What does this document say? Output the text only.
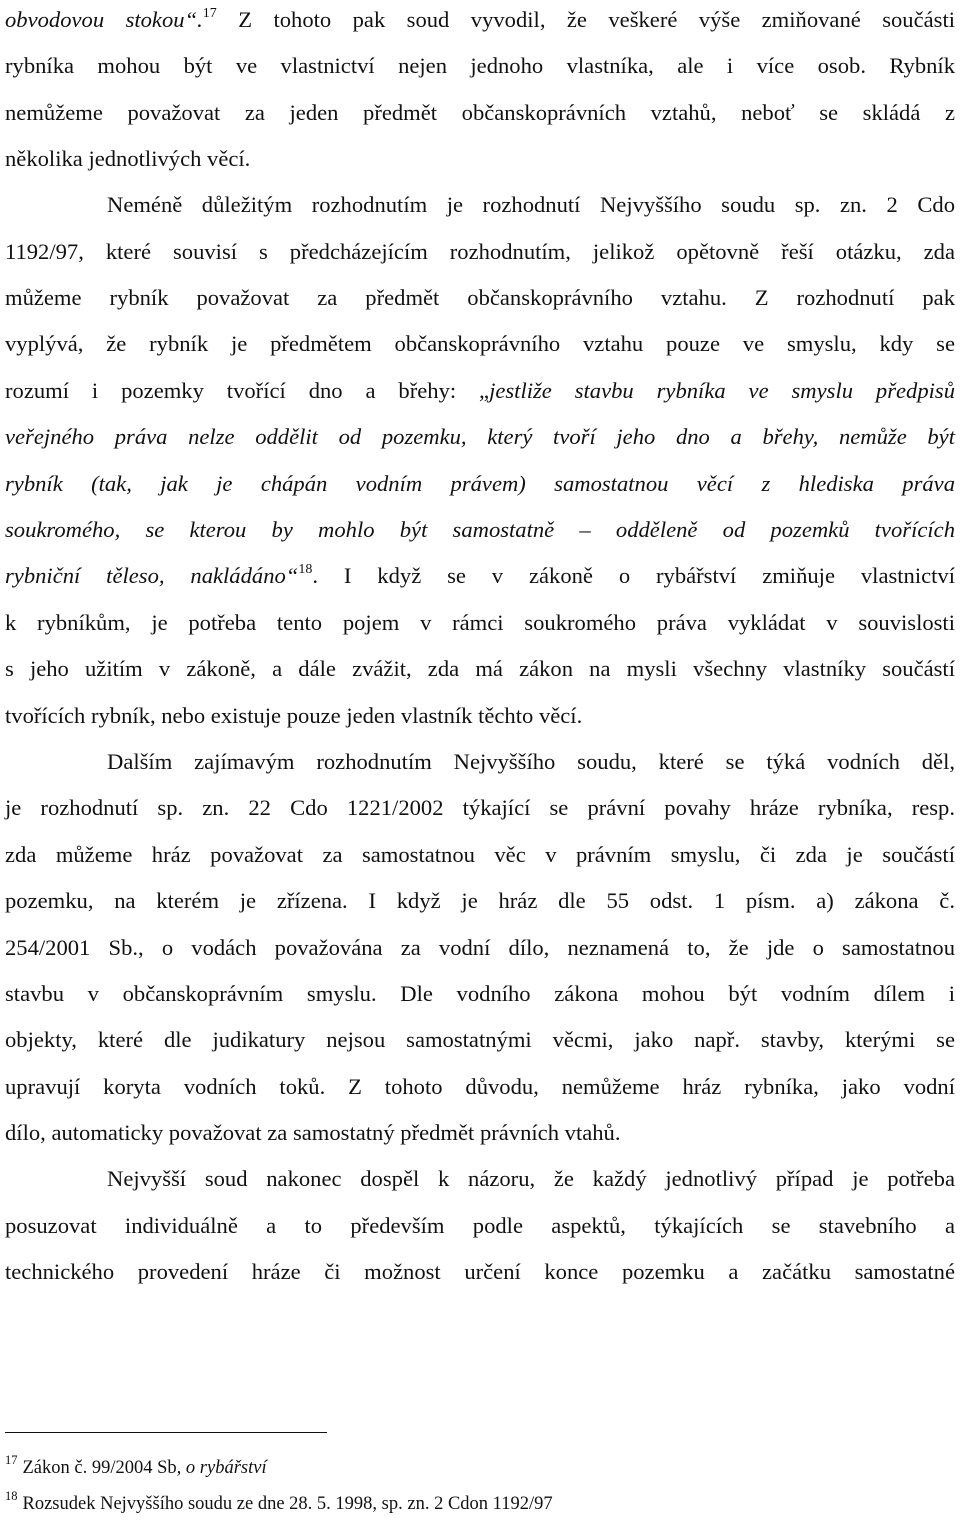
obvodovou stokou“.$^{17}$ Z tohoto pak soud vyvodil, že veškeré výše zmiňované součásti
rybníka mohou být ve vlastnictví nejen jednoho vlastníka, ale i více osob. Rybník
nemůžeme považovat za jeden předmět občanskoprávních vztahů, neboť se skládá z
několika jednotlivých věcí.
Neméně důležitým rozhodnutím je rozhodnutí Nejvyššího soudu sp. zn. 2 Cdo
1192/97, které souvisí s předcházejícím rozhodnutím, jelikož opětovně řeší otázku, zda
můžeme rybník považovat za předmět občanskoprávního vztahu. Z rozhodnutí pak
vyplývá, že rybník je předmětem občanskoprávního vztahu pouze ve smyslu, kdy se
rozumí i pozemky tvořící dno a břehy: „jestliže stavbu rybníka ve smyslu předpisů
veřejného práva nelze oddělit od pozemku, který tvoří jeho dno a břehy, nemůže být
rybník (tak, jak je chápán vodním právem) samostatnou věcí z hlediska práva
soukromého, se kterou by mohlo být samostatně – odděleně od pozemků tvořících
rybniční těleso, nakládáno“$^{18}$. I když se v zákoně o rybářství zmiňuje vlastnictví
k rybníkům, je potřeba tento pojem v rámci soukromého práva vykládat v souvislosti
s jeho užitím v zákoně, a dále zvážit, zda má zákon na mysli všechny vlastníky součástí
tvořících rybník, nebo existuje pouze jeden vlastník těchto věcí.
Dalším zajímavým rozhodnutím Nejvyššího soudu, které se týká vodních děl,
je rozhodnutí sp. zn. 22 Cdo 1221/2002 týkající se právní povahy hráze rybníka, resp.
zda můžeme hráz považovat za samostatnou věc v právním smyslu, či zda je součástí
pozemku, na kterém je zřízena. I když je hráz dle 55 odst. 1 písm. a) zákona č.
254/2001 Sb., o vodách považována za vodní dílo, neznamená to, že jde o samostatnou
stavbu v občanskoprávním smyslu. Dle vodního zákona mohou být vodním dílem i
objekty, které dle judikatury nejsou samostatnými věcmi, jako např. stavby, kterými se
upravují koryta vodních toků. Z tohoto důvodu, nemůžeme hráz rybníka, jako vodní
dílo, automaticky považovat za samostatný předmět právních vtahů.
Nejvyšší soud nakonec dospěl k názoru, že každý jednotlivý případ je potřeba
posuzovat individuálně a to především podle aspektů, týkajících se stavebního a
technického provedení hráze či možnost určení konce pozemku a začátku samostatné
$^{17}$ Zákon č. 99/2004 Sb, o rybářství
$^{18}$ Rozsudek Nejvyššího soudu ze dne 28. 5. 1998, sp. zn. 2 Cdon 1192/97
